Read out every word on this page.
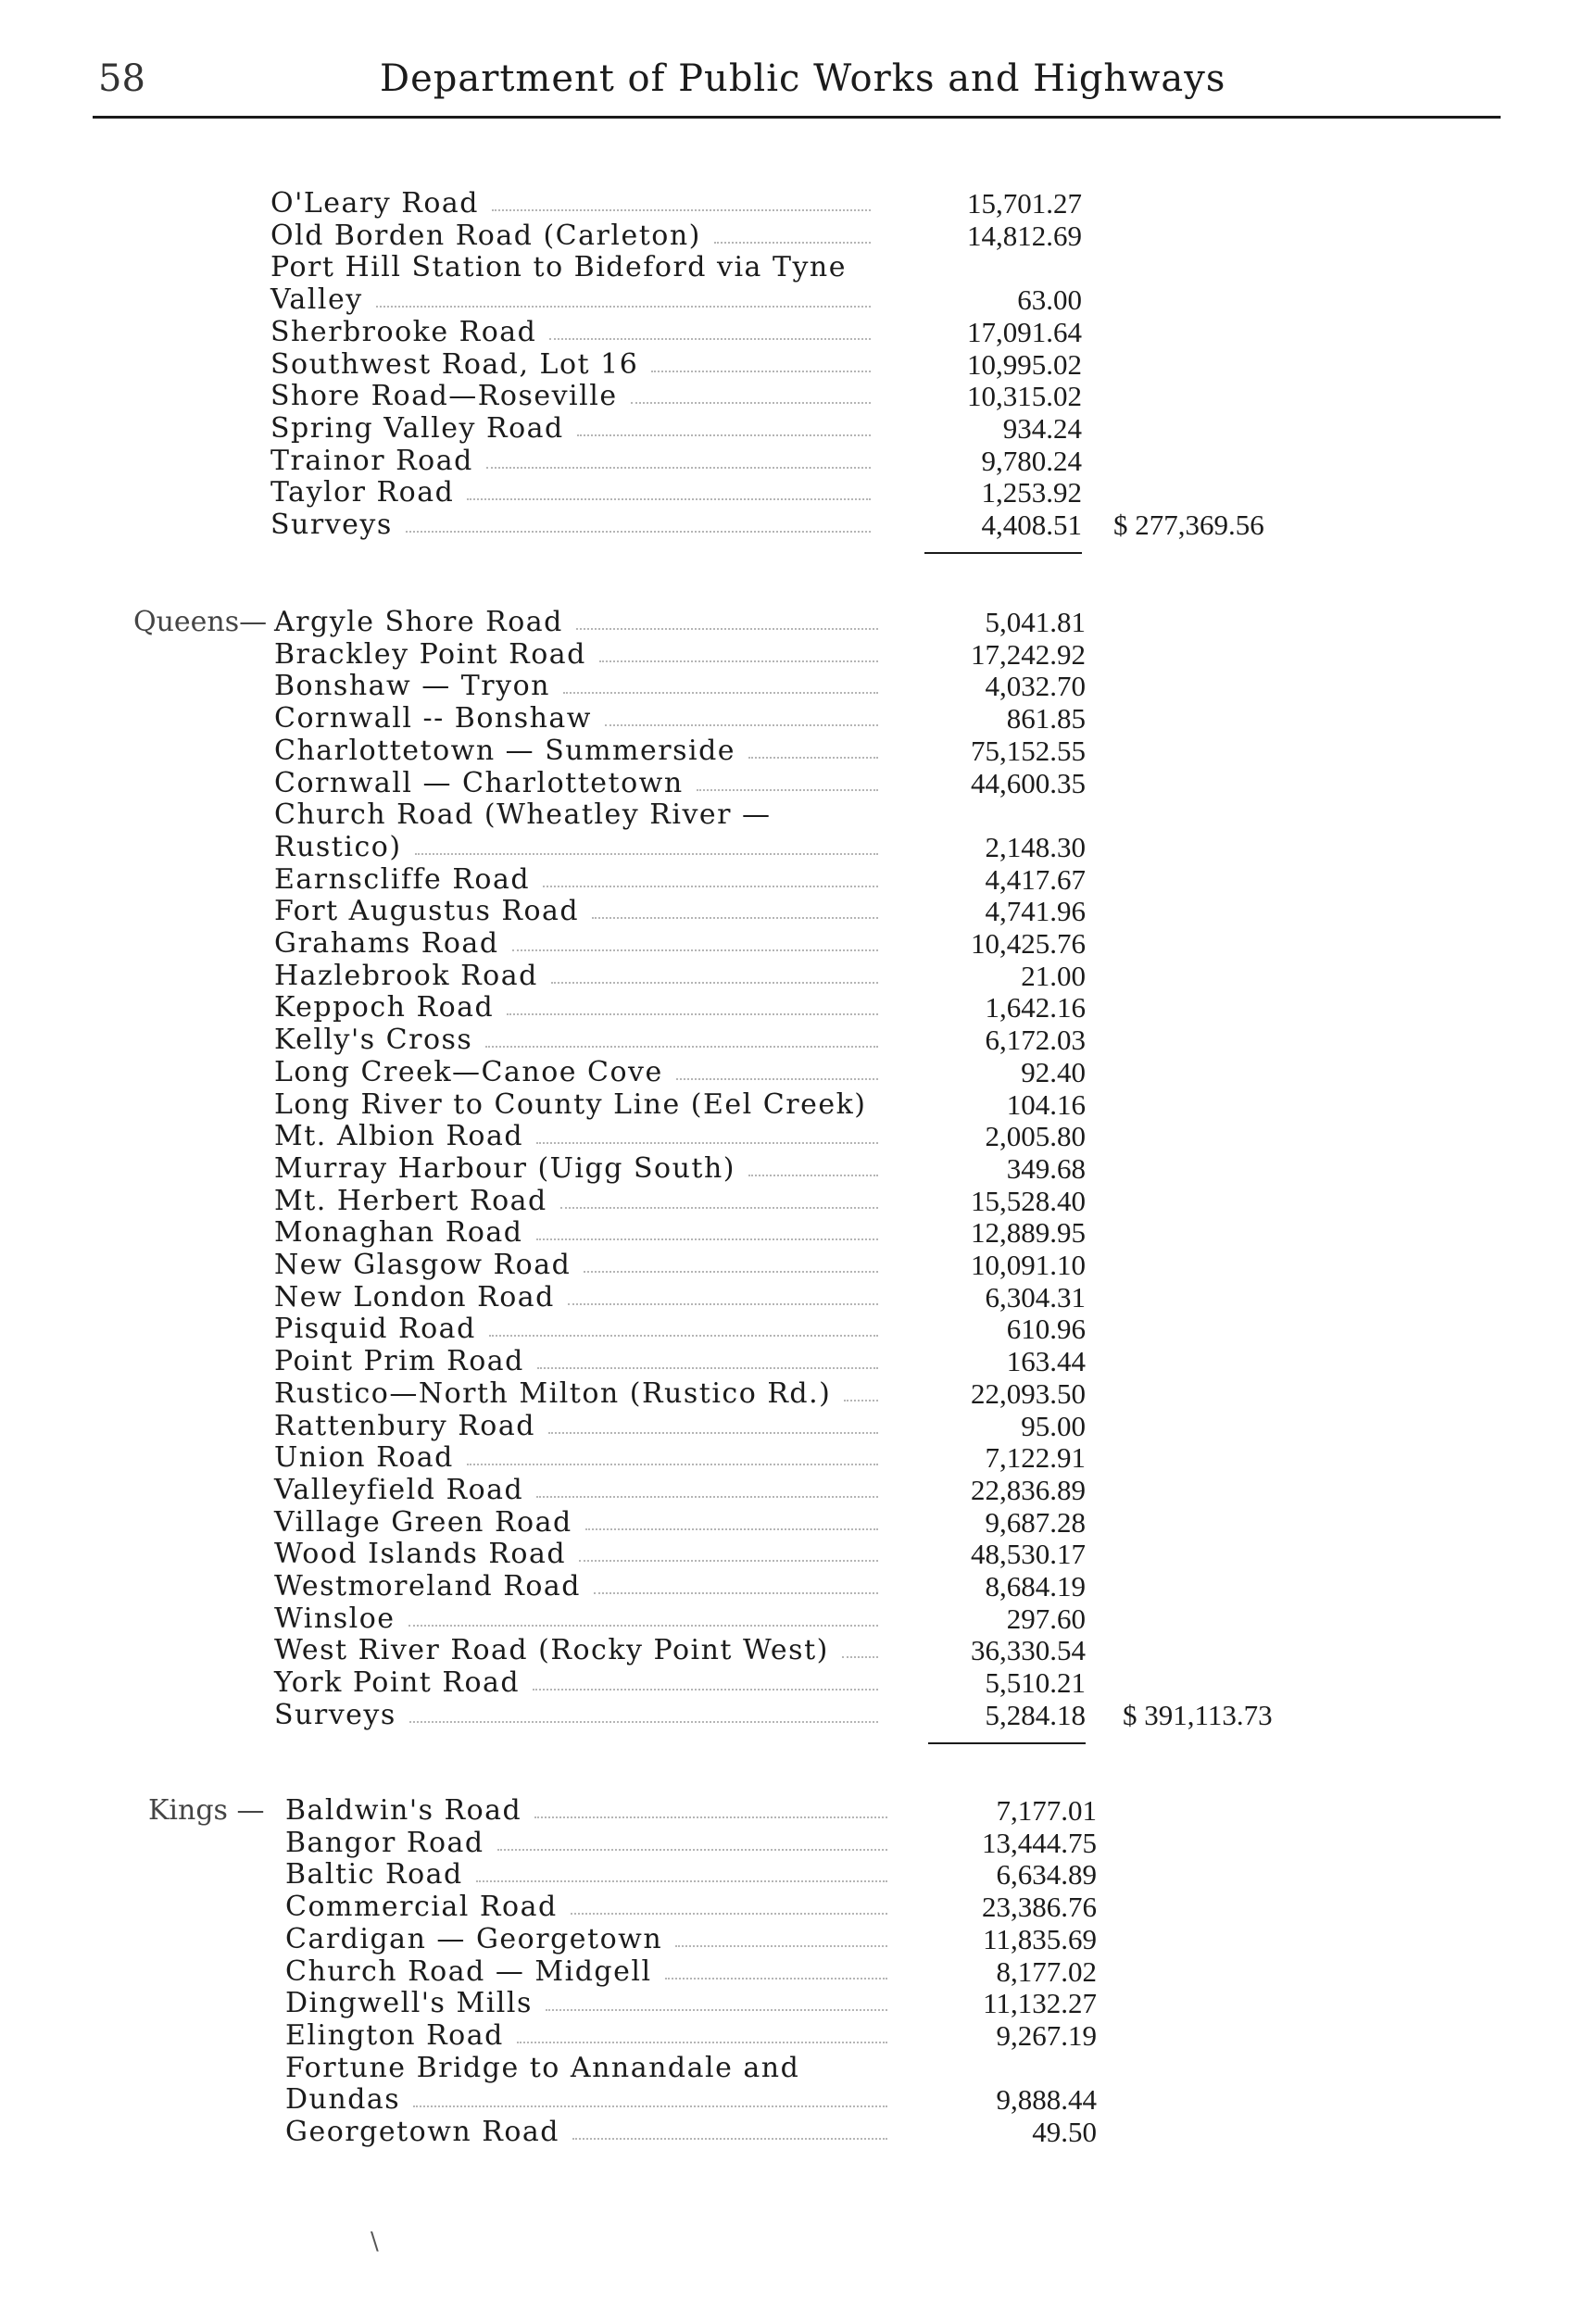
58	Department of Public Works and Highways
O'Leary Road	15,701.27
Old Borden Road (Carleton)	14,812.69
Port Hill Station to Bideford via Tyne
Valley	63.00
Sherbrooke Road	17,091.64
Southwest Road, Lot 16	10,995.02
Shore Road—Roseville	10,315.02
Spring Valley Road	934.24
Trainor Road	9,780.24
Taylor Road	1,253.92
Surveys	4,408.51 $ 277,369.56
Queens— Argyle Shore Road	5,041.81
Brackley Point Road	17,242.92
Bonshaw — Tryon	4,032.70
Cornwall -- Bonshaw	861.85
Charlottetown — Summerside	75,152.55
Cornwall — Charlottetown	44,600.35
Church Road (Wheatley River —
Rustico)	2,148.30
Earnscliffe Road	4,417.67
Fort Augustus Road	4,741.96
Grahams Road	10,425.76
Hazlebrook Road	21.00
Keppoch Road	1,642.16
Kelly's Cross	6,172.03
Long Creek—Canoe Cove	92.40
Long River to County Line (Eel Creek)	104.16
Mt. Albion Road	2,005.80
Murray Harbour (Uigg South)	349.68
Mt. Herbert Road	15,528.40
Monaghan Road	12,889.95
New Glasgow Road	10,091.10
New London Road	6,304.31
Pisquid Road	610.96
Point Prim Road	163.44
Rustico—North Milton (Rustico Rd.)	22,093.50
Rattenbury Road	95.00
Union Road	7,122.91
Valleyfield Road	22,836.89
Village Green Road	9,687.28
Wood Islands Road	48,530.17
Westmoreland Road	8,684.19
Winsloe	297.60
West River Road (Rocky Point West)	36,330.54
York Point Road	5,510.21
Surveys	5,284.18 $ 391,113.73
Kings — Baldwin's Road	7,177.01
Bangor Road	13,444.75
Baltic Road	6,634.89
Commercial Road	23,386.76
Cardigan — Georgetown	11,835.69
Church Road — Midgell	8,177.02
Dingwell's Mills	11,132.27
Elington Road	9,267.19
Fortune Bridge to Annandale and
Dundas	9,888.44
Georgetown Road	49.50
\
